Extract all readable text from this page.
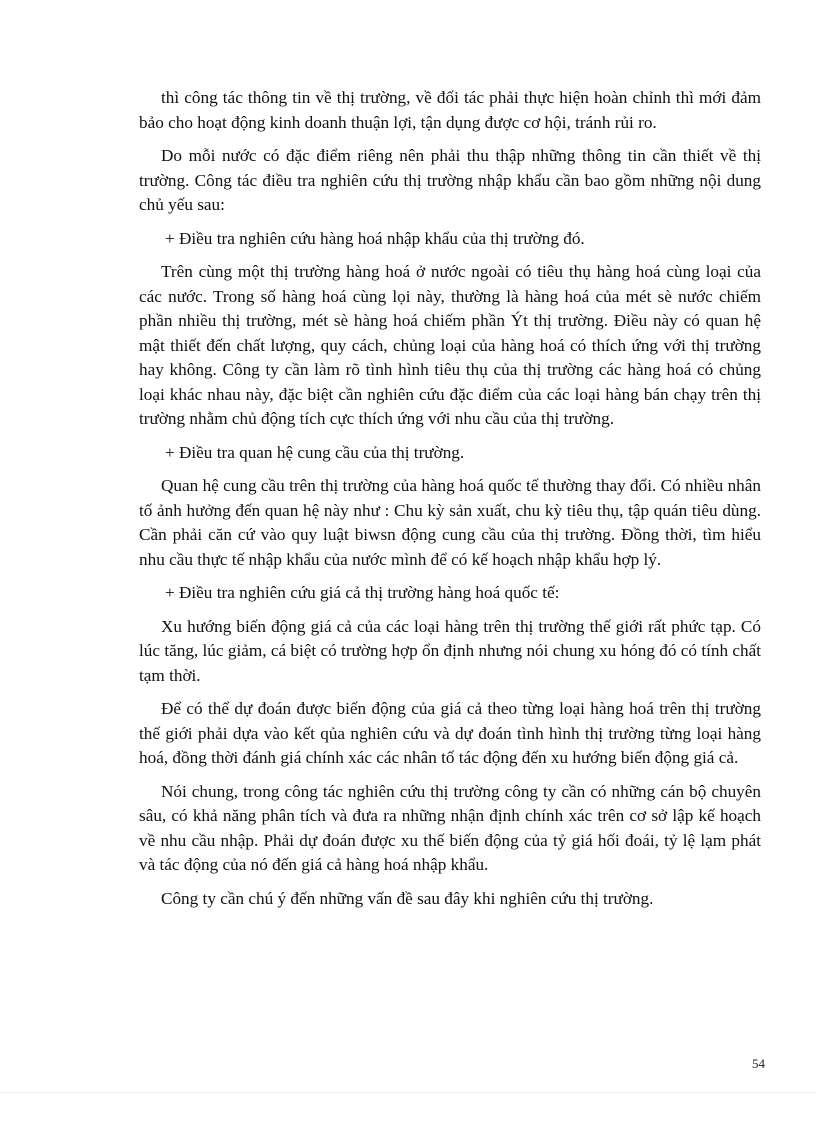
thì công tác thông tin về thị trường, về đối tác phải thực hiện hoàn chỉnh thì mới đảm bảo cho hoạt động kinh doanh thuận lợi, tận dụng được cơ hội, tránh rủi ro.

Do mỗi nước có đặc điểm riêng nên phải thu thập những thông tin cần thiết về thị trường. Công tác điều tra nghiên cứu thị trường nhập khẩu cần bao gồm những nội dung chủ yếu sau:

+ Điều tra nghiên cứu hàng hoá nhập khẩu của thị trường đó.

Trên cùng một thị trường hàng hoá ở nước ngoài có tiêu thụ hàng hoá cùng loại của các nước. Trong số hàng hoá cùng lọi này, thường là hàng hoá của mét sè nước chiếm phần nhiều thị trường, mét sè hàng hoá chiếm phần Ýt thị trường. Điều này có quan hệ mật thiết đến chất lượng, quy cách, chủng loại của hàng hoá có thích ứng với thị trường hay không. Công ty cần làm rõ tình hình tiêu thụ của thị trường các hàng hoá có chủng loại khác nhau này, đặc biệt cần nghiên cứu đặc điểm của các loại hàng bán chạy trên thị trường nhằm chủ động tích cực thích ứng với nhu cầu của thị trường.

+ Điều tra quan hệ cung cầu của thị trường.

Quan hệ cung cầu trên thị trường của hàng hoá quốc tế thường thay đổi. Có nhiều nhân tố ảnh hưởng đến quan hệ này như : Chu kỳ sản xuất, chu kỳ tiêu thụ, tập quán tiêu dùng. Cần phải căn cứ vào quy luật biwsn động cung cầu của thị trường. Đồng thời, tìm hiểu nhu cầu thực tế nhập khẩu của nước mình để có kế hoạch nhập khẩu hợp lý.

+ Điều tra nghiên cứu giá cả thị trường hàng hoá quốc tế:

Xu hướng biến động giá cả của các loại hàng trên thị trường thế giới rất phức tạp. Có lúc tăng, lúc giảm, cá biệt có trường hợp ổn định nhưng nói chung xu hóng đó có tính chất tạm thời.

Để có thể dự đoán được biến động của giá cả theo từng loại hàng hoá trên thị trường thế giới phải dựa vào kết qủa nghiên cứu và dự đoán tình hình thị trường từng loại hàng hoá, đồng thời đánh giá chính xác các nhân tố tác động đến xu hướng biến động giá cả.

Nói chung, trong công tác nghiên cứu thị trường công ty cần có những cán bộ chuyên sâu, có khả năng phân tích và đưa ra những nhận định chính xác trên cơ sở lập kế hoạch về nhu cầu nhập. Phải dự đoán được xu thế biến động của tỷ giá hối đoái, tỷ lệ lạm phát và tác động của nó đến giá cả hàng hoá nhập khẩu.

Công ty cần chú ý đến những vấn đề sau đây khi nghiên cứu thị trường.

54
